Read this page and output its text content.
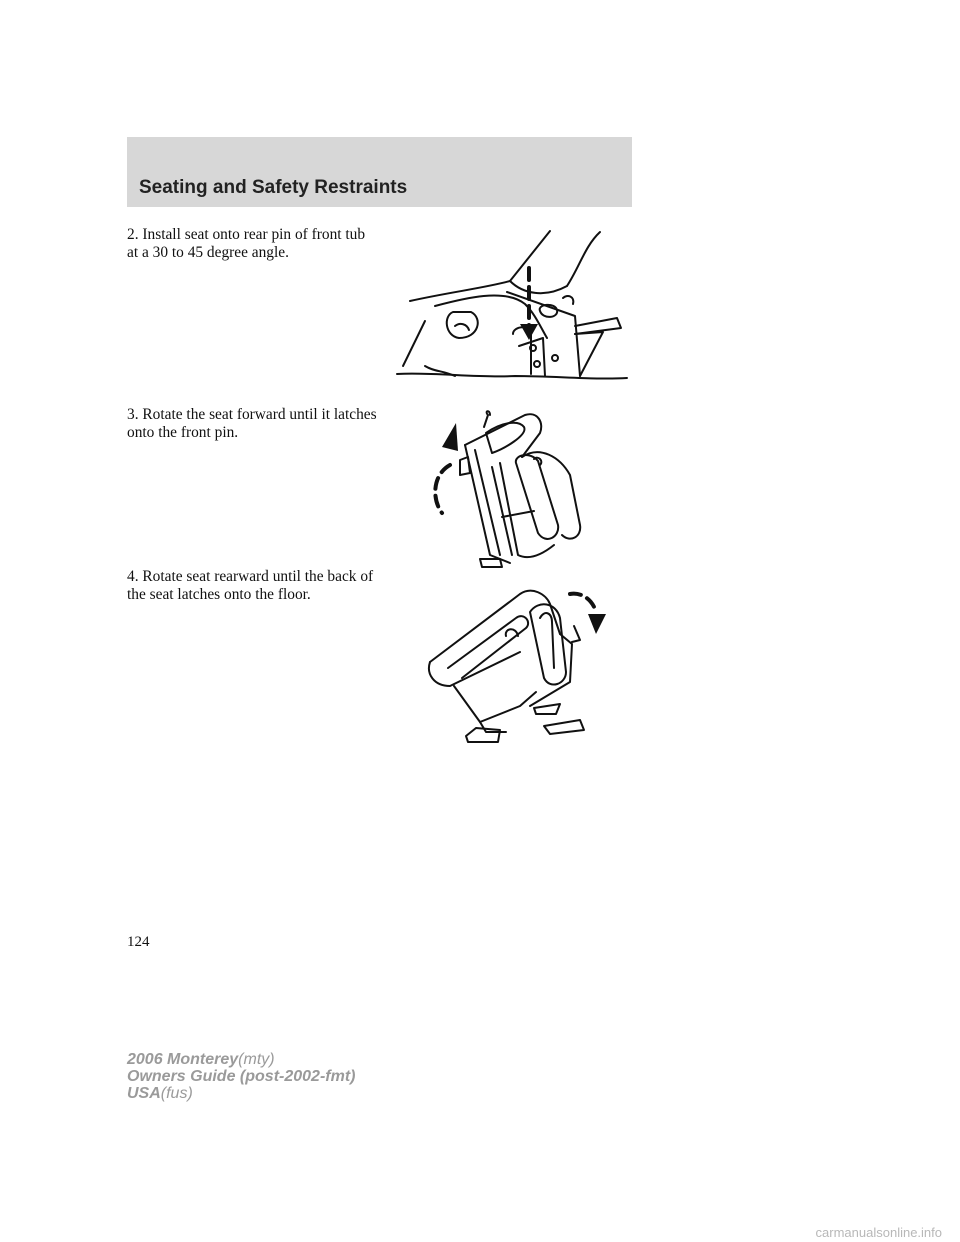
Seating and Safety Restraints

2. Install seat onto rear pin of front tub at a 30 to 45 degree angle.

3. Rotate the seat forward until it latches onto the front pin.

4. Rotate seat rearward until the back of the seat latches onto the floor.

124
2006 Monterey(mty)
Owners Guide (post-2002-fmt)
USA(fus)
carmanualsonline.info
